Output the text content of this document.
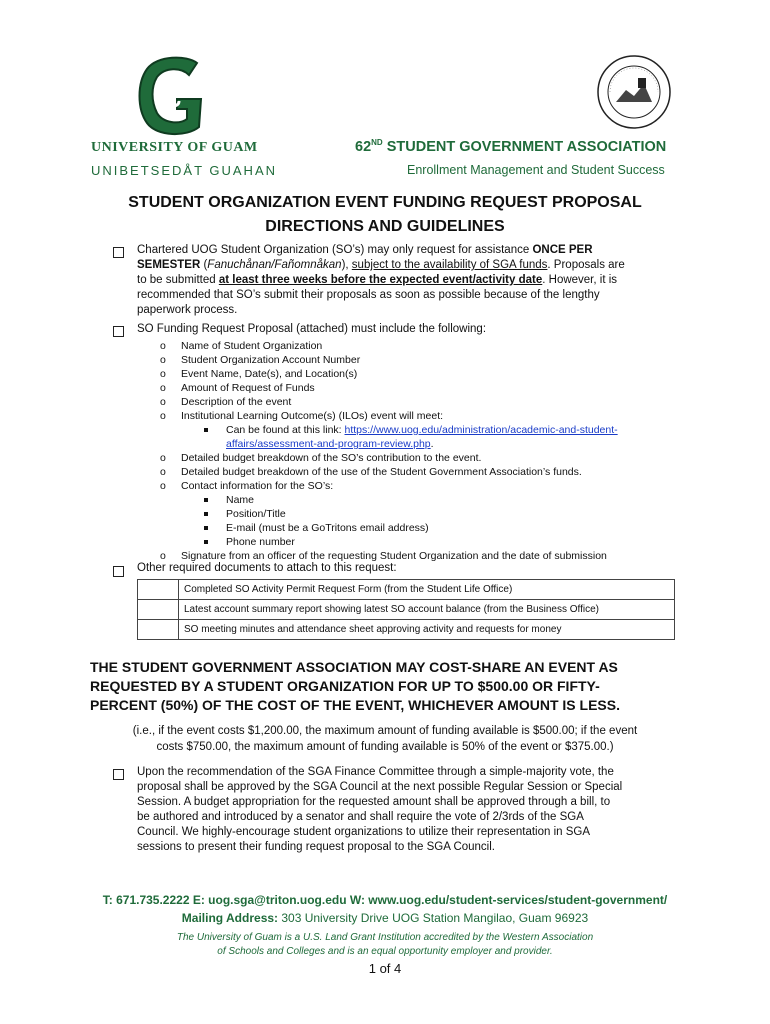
UNIVERSITY OF GUAM
UNIBETSEDÅT GUAHAN
62ND STUDENT GOVERNMENT ASSOCIATION
Enrollment Management and Student Success
STUDENT ORGANIZATION EVENT FUNDING REQUEST PROPOSAL
DIRECTIONS AND GUIDELINES
Chartered UOG Student Organization (SO’s) may only request for assistance ONCE PER
SEMESTER (Fanuchånan/Fañomnåkan), subject to the availability of SGA funds. Proposals are
to be submitted at least three weeks before the expected event/activity date. However, it is
recommended that SO’s submit their proposals as soon as possible because of the lengthy
paperwork process.
SO Funding Request Proposal (attached) must include the following:
o Name of Student Organization
o Student Organization Account Number
o Event Name, Date(s), and Location(s)
o Amount of Request of Funds
o Description of the event
o Institutional Learning Outcome(s) (ILOs) event will meet:
Can be found at this link: https://www.uog.edu/administration/academic-and-student-
affairs/assessment-and-program-review.php.
o Detailed budget breakdown of the SO’s contribution to the event.
o Detailed budget breakdown of the use of the Student Government Association’s funds.
o Contact information for the SO’s:
Name
Position/Title
E-mail (must be a GoTritons email address)
Phone number
o Signature from an officer of the requesting Student Organization and the date of submission
Other required documents to attach to this request:
	Completed SO Activity Permit Request Form (from the Student Life Office)
	Latest account summary report showing latest SO account balance (from the Business Office)
	SO meeting minutes and attendance sheet approving activity and requests for money
THE STUDENT GOVERNMENT ASSOCIATION MAY COST-SHARE AN EVENT AS
REQUESTED BY A STUDENT ORGANIZATION FOR UP TO $500.00 OR FIFTY-
PERCENT (50%) OF THE COST OF THE EVENT, WHICHEVER AMOUNT IS LESS.
(i.e., if the event costs $1,200.00, the maximum amount of funding available is $500.00; if the event
costs $750.00, the maximum amount of funding available is 50% of the event or $375.00.)
Upon the recommendation of the SGA Finance Committee through a simple-majority vote, the
proposal shall be approved by the SGA Council at the next possible Regular Session or Special
Session. A budget appropriation for the requested amount shall be approved through a bill, to
be authored and introduced by a senator and shall require the vote of 2/3rds of the SGA
Council. We highly-encourage student organizations to utilize their representation in SGA
sessions to present their funding request proposal to the SGA Council.
T: 671.735.2222 E: uog.sga@triton.uog.edu W: www.uog.edu/student-services/student-government/
Mailing Address: 303 University Drive UOG Station Mangilao, Guam 96923
The University of Guam is a U.S. Land Grant Institution accredited by the Western Association
of Schools and Colleges and is an equal opportunity employer and provider.
1 of 4
